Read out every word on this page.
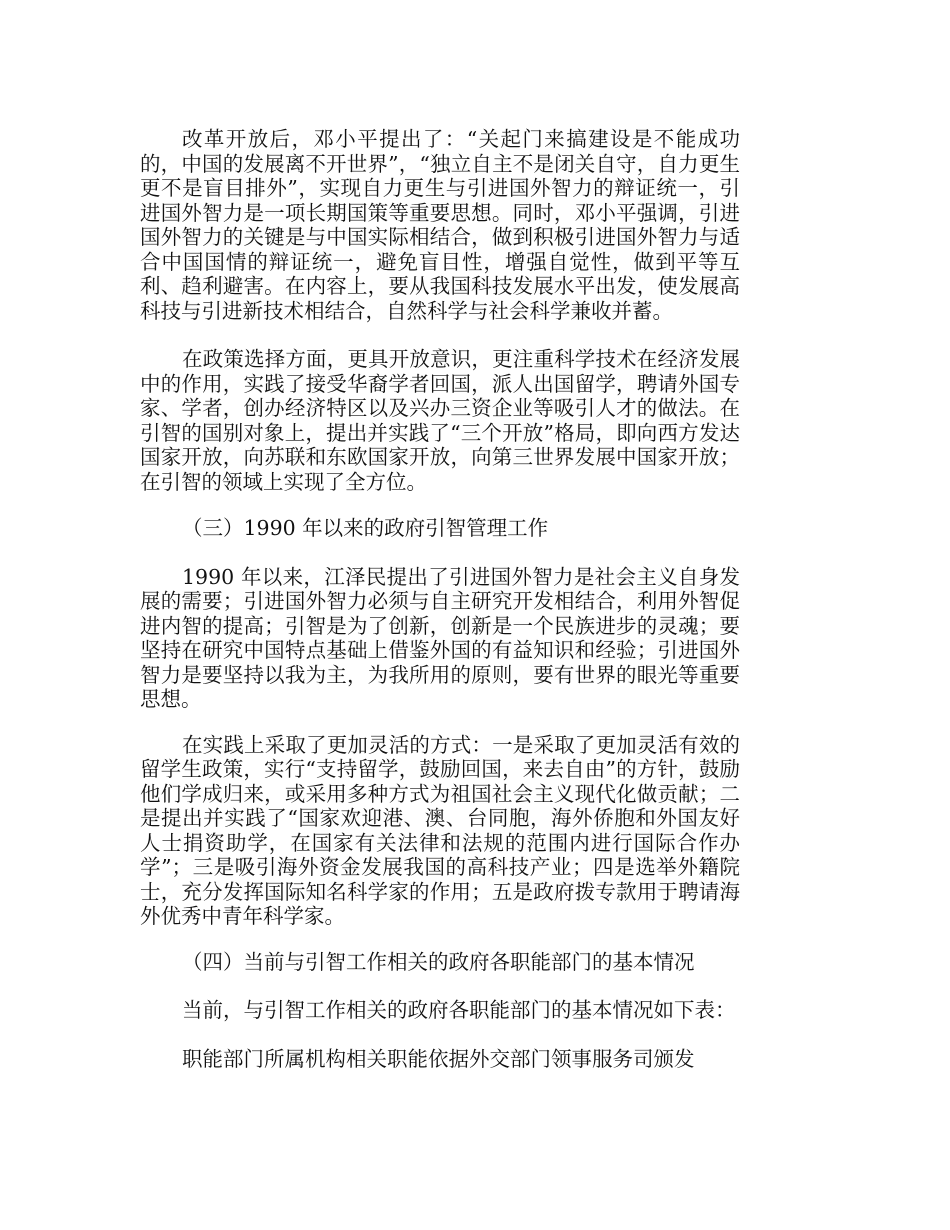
改革开放后，邓小平提出了：“关起门来搞建设是不能成功的，中国的发展离不开世界”，“独立自主不是闭关自守，自力更生更不是盲目排外”，实现自力更生与引进国外智力的辩证统一，引进国外智力是一项长期国策等重要思想。同时，邓小平强调，引进国外智力的关键是与中国实际相结合，做到积极引进国外智力与适合中国国情的辩证统一，避免盲目性，增强自觉性，做到平等互利、趋利避害。在内容上，要从我国科技发展水平出发，使发展高科技与引进新技术相结合，自然科学与社会科学兼收并蓄。

在政策选择方面，更具开放意识，更注重科学技术在经济发展中的作用，实践了接受华裔学者回国，派人出国留学，聘请外国专家、学者，创办经济特区以及兴办三资企业等吸引人才的做法。在引智的国别对象上，提出并实践了“三个开放”格局，即向西方发达国家开放，向苏联和东欧国家开放，向第三世界发展中国家开放；在引智的领域上实现了全方位。

（三）1990 年以来的政府引智管理工作

1990 年以来，江泽民提出了引进国外智力是社会主义自身发展的需要；引进国外智力必须与自主研究开发相结合，利用外智促进内智的提高；引智是为了创新，创新是一个民族进步的灵魂；要坚持在研究中国特点基础上借鉴外国的有益知识和经验；引进国外智力是要坚持以我为主，为我所用的原则，要有世界的眼光等重要思想。

在实践上采取了更加灵活的方式：一是采取了更加灵活有效的留学生政策，实行“支持留学，鼓励回国，来去自由”的方针，鼓励他们学成归来，或采用多种方式为祖国社会主义现代化做贡献；二是提出并实践了“国家欢迎港、澳、台同胞，海外侨胞和外国友好人士捐资助学，在国家有关法律和法规的范围内进行国际合作办学”；三是吸引海外资金发展我国的高科技产业；四是选举外籍院士，充分发挥国际知名科学家的作用；五是政府拨专款用于聘请海外优秀中青年科学家。

（四）当前与引智工作相关的政府各职能部门的基本情况

当前，与引智工作相关的政府各职能部门的基本情况如下表：

职能部门所属机构相关职能依据外交部门领事服务司颁发
